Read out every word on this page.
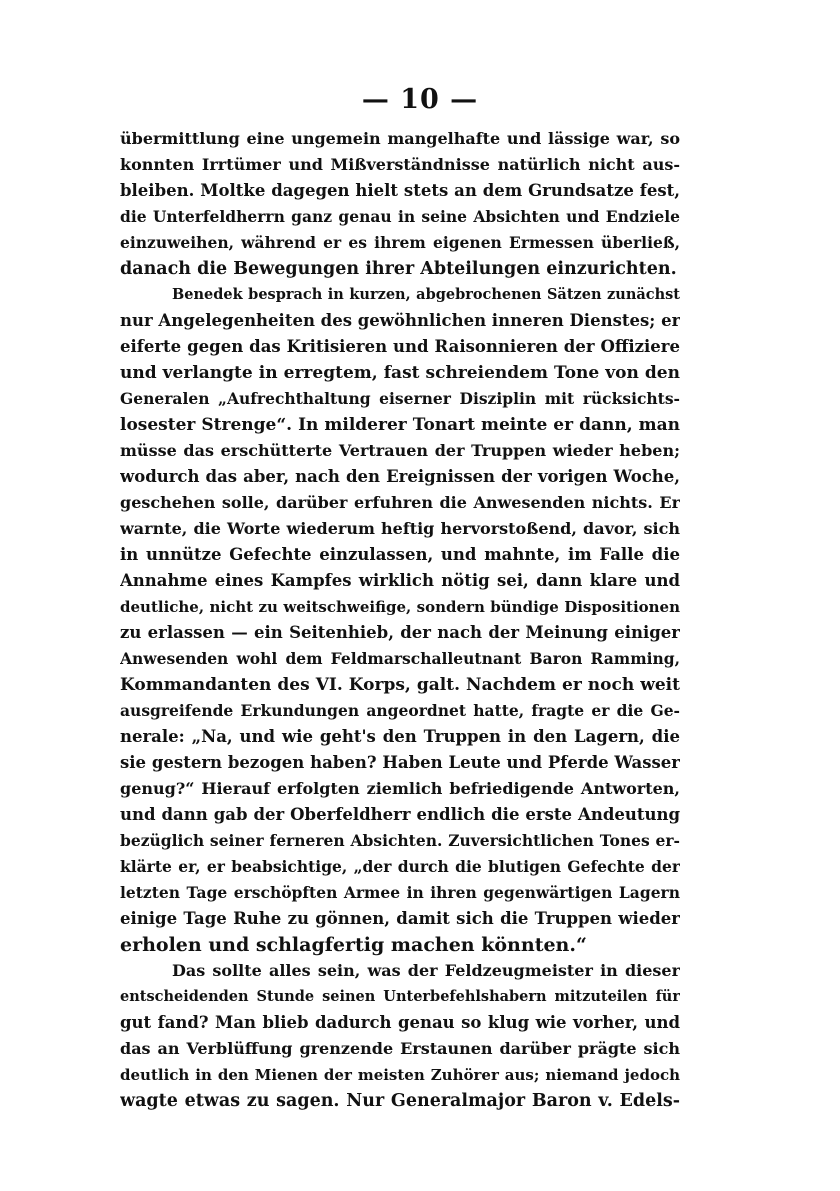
— 10 —
übermittlung eine ungemein mangelhafte und lässige war, so
konnten Irrtümer und Mißverständnisse natürlich nicht aus-
bleiben. Moltke dagegen hielt stets an dem Grundsatze fest,
die Unterfeldherrn ganz genau in seine Absichten und Endziele
einzuweihen, während er es ihrem eigenen Ermessen überließ,
danach die Bewegungen ihrer Abteilungen einzurichten.
Benedek besprach in kurzen, abgebrochenen Sätzen zunächst
nur Angelegenheiten des gewöhnlichen inneren Dienstes; er
eiferte gegen das Kritisieren und Raisonnieren der Offiziere
und verlangte in erregtem, fast schreiendem Tone von den
Generalen „Aufrechthaltung eiserner Disziplin mit rücksichts-
losester Strenge“. In milderer Tonart meinte er dann, man
müsse das erschütterte Vertrauen der Truppen wieder heben;
wodurch das aber, nach den Ereignissen der vorigen Woche,
geschehen solle, darüber erfuhren die Anwesenden nichts. Er
warnte, die Worte wiederum heftig hervorstoßend, davor, sich
in unnütze Gefechte einzulassen, und mahnte, im Falle die
Annahme eines Kampfes wirklich nötig sei, dann klare und
deutliche, nicht zu weitschweifige, sondern bündige Dispositionen
zu erlassen — ein Seitenhieb, der nach der Meinung einiger
Anwesenden wohl dem Feldmarschalleutnant Baron Ramming,
Kommandanten des VI. Korps, galt. Nachdem er noch weit
ausgreifende Erkundungen angeordnet hatte, fragte er die Ge-
nerale: „Na, und wie geht's den Truppen in den Lagern, die
sie gestern bezogen haben? Haben Leute und Pferde Wasser
genug?“ Hierauf erfolgten ziemlich befriedigende Antworten,
und dann gab der Oberfeldherr endlich die erste Andeutung
bezüglich seiner ferneren Absichten. Zuversichtlichen Tones er-
klärte er, er beabsichtige, „der durch die blutigen Gefechte der
letzten Tage erschöpften Armee in ihren gegenwärtigen Lagern
einige Tage Ruhe zu gönnen, damit sich die Truppen wieder
erholen und schlagfertig machen könnten.“
Das sollte alles sein, was der Feldzeugmeister in dieser
entscheidenden Stunde seinen Unterbefehlshabern mitzuteilen für
gut fand? Man blieb dadurch genau so klug wie vorher, und
das an Verblüffung grenzende Erstaunen darüber prägte sich
deutlich in den Mienen der meisten Zuhörer aus; niemand jedoch
wagte etwas zu sagen. Nur Generalmajor Baron v. Edels-
